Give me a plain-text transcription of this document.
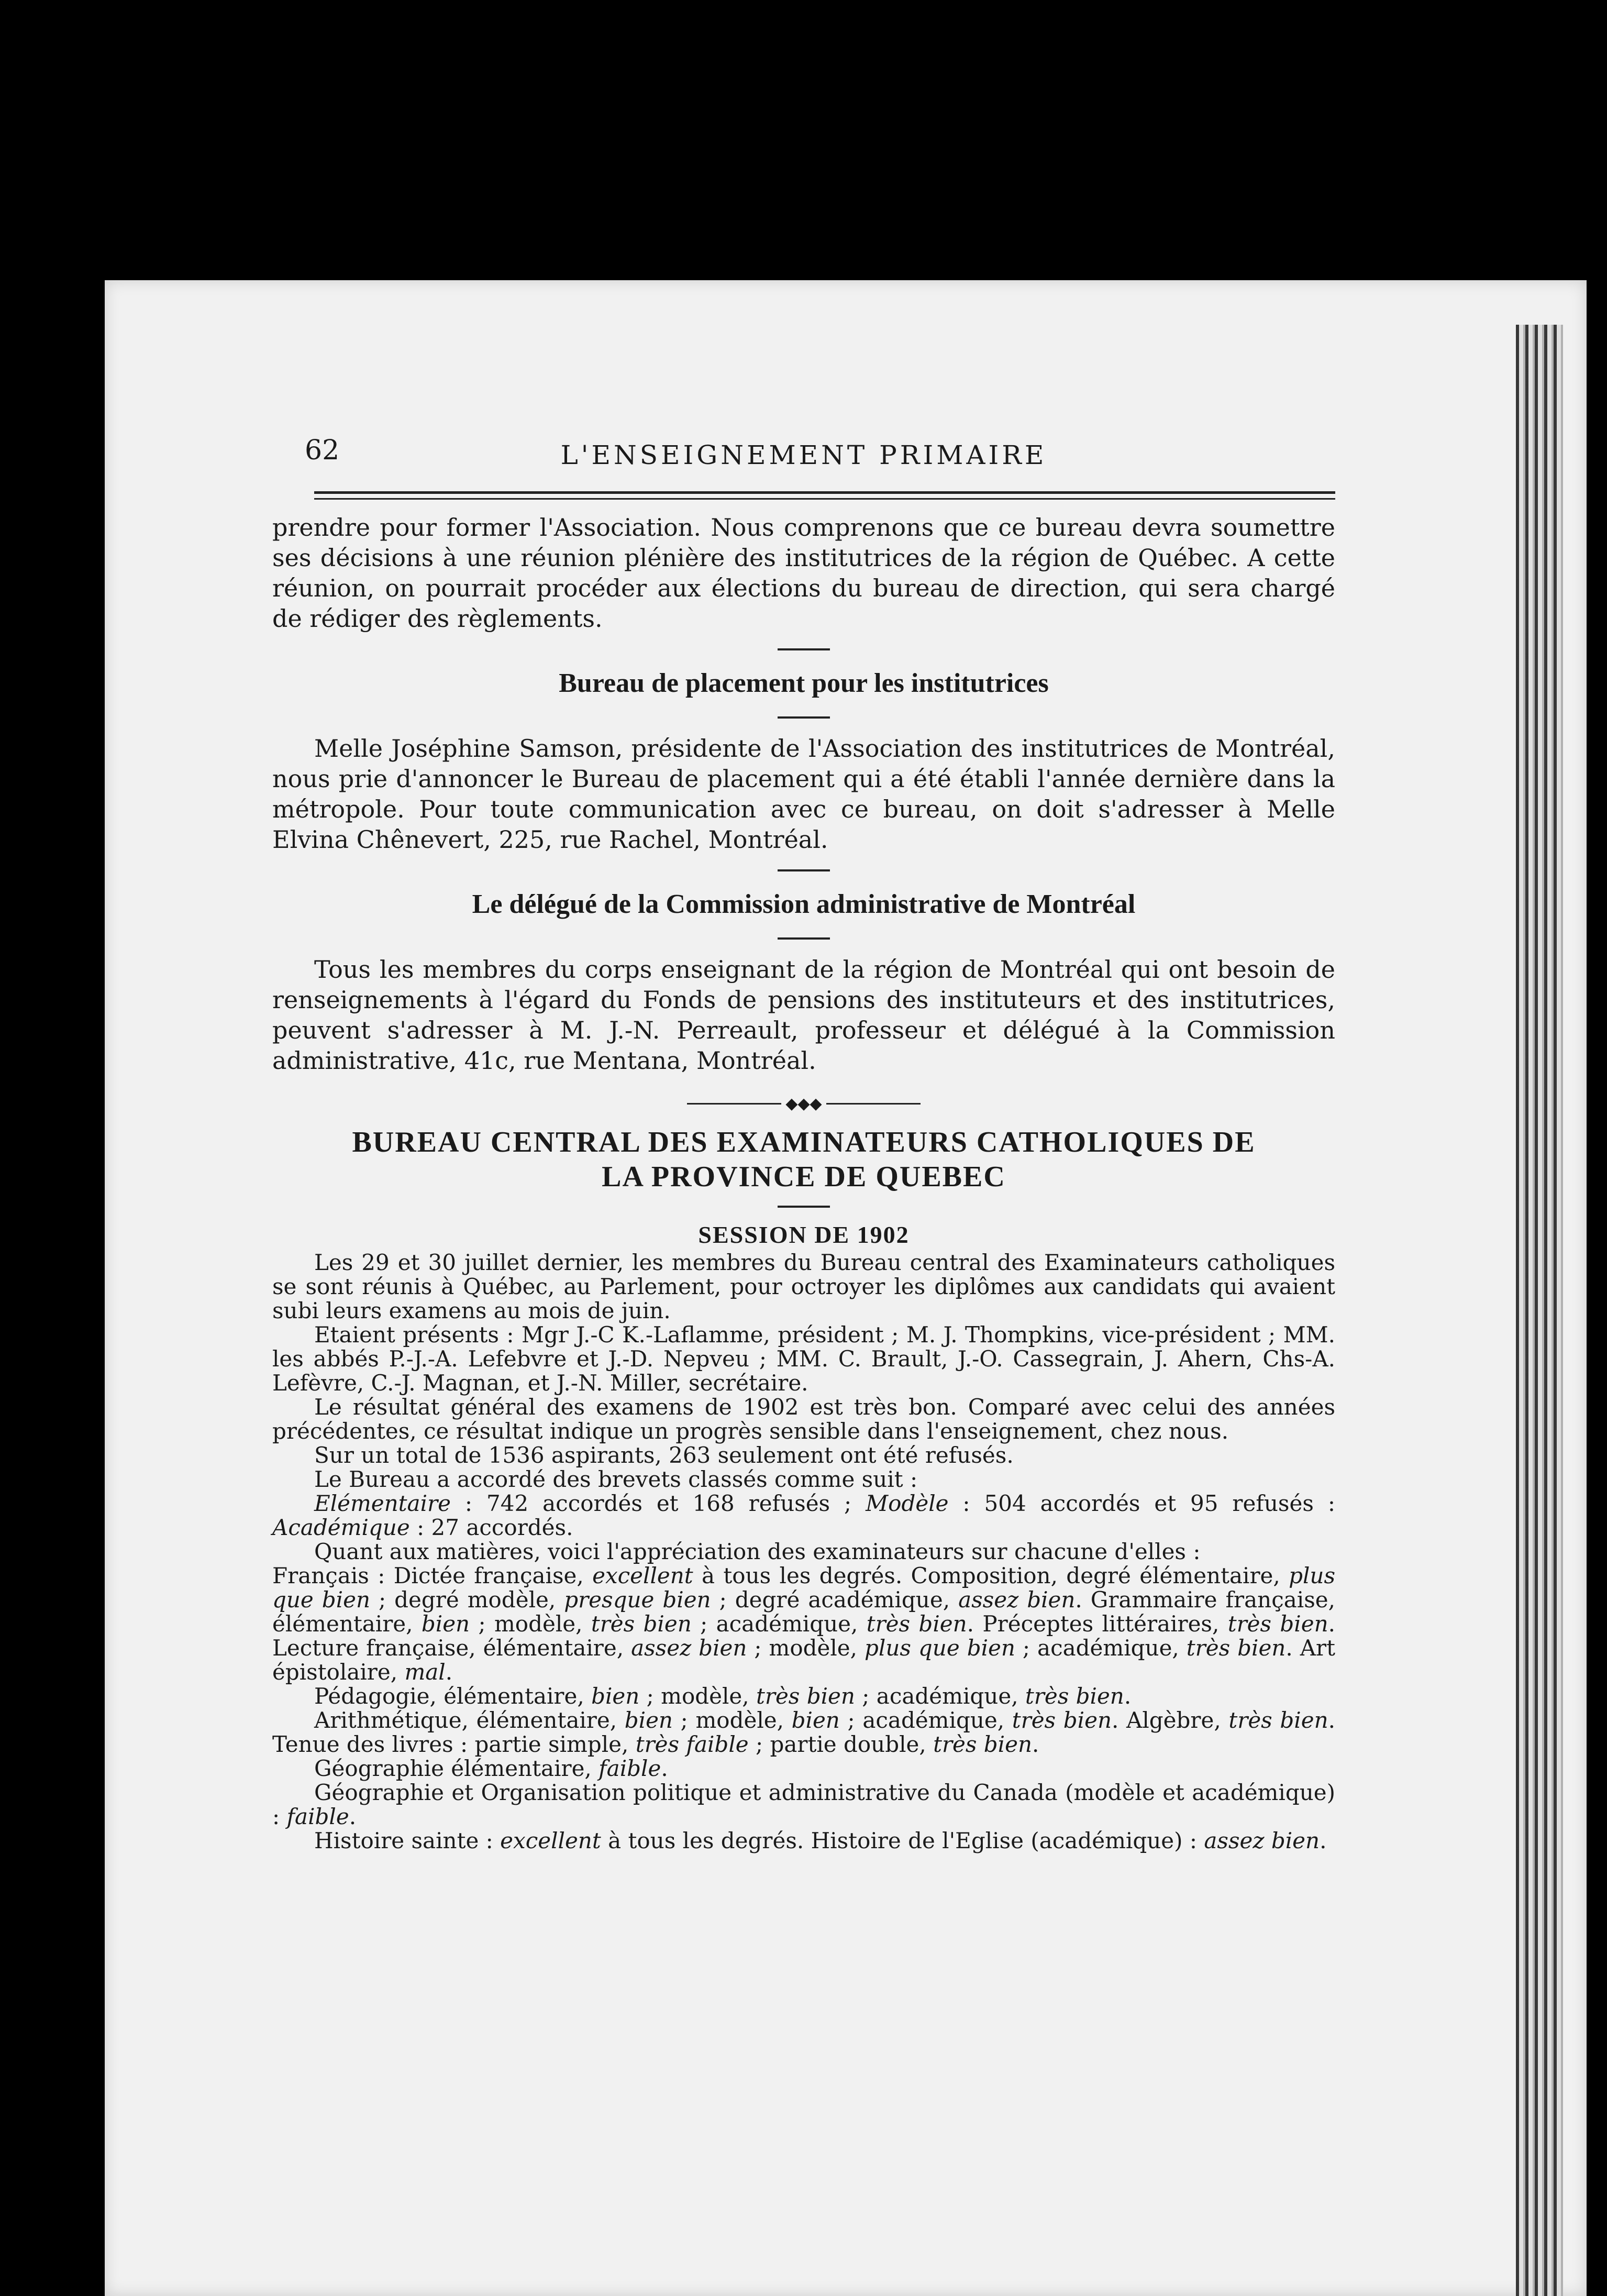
62	L'ENSEIGNEMENT PRIMAIRE

prendre pour former l'Association. Nous comprenons que ce bureau devra soumettre ses décisions à une réunion plénière des institutrices de la région de Québec. A cette réunion, on pourrait procéder aux élections du bureau de direction, qui sera chargé de rédiger des règlements.

Bureau de placement pour les institutrices

Melle Joséphine Samson, présidente de l'Association des institutrices de Montréal, nous prie d'annoncer le Bureau de placement qui a été établi l'année dernière dans la métropole. Pour toute communication avec ce bureau, on doit s'adresser à Melle Elvina Chênevert, 225, rue Rachel, Montréal.

Le délégué de la Commission administrative de Montréal

Tous les membres du corps enseignant de la région de Montréal qui ont besoin de renseignements à l'égard du Fonds de pensions des instituteurs et des institutrices, peuvent s'adresser à M. J.-N. Perreault, professeur et délégué à la Commission administrative, 41c, rue Mentana, Montréal.

◆◆◆
BUREAU CENTRAL DES EXAMINATEURS CATHOLIQUES DE
LA PROVINCE DE QUEBEC
SESSION DE 1902

Les 29 et 30 juillet dernier, les membres du Bureau central des Examinateurs catholiques se sont réunis à Québec, au Parlement, pour octroyer les diplômes aux candidats qui avaient subi leurs examens au mois de juin.

Etaient présents : Mgr J.-C K.-Laflamme, président ; M. J. Thompkins, vice-président ; MM. les abbés P.-J.-A. Lefebvre et J.-D. Nepveu ; MM. C. Brault, J.-O. Cassegrain, J. Ahern, Chs-A. Lefèvre, C.-J. Magnan, et J.-N. Miller, secrétaire.

Le résultat général des examens de 1902 est très bon. Comparé avec celui des années précédentes, ce résultat indique un progrès sensible dans l'enseignement, chez nous.

Sur un total de 1536 aspirants, 263 seulement ont été refusés.

Le Bureau a accordé des brevets classés comme suit :

Elémentaire : 742 accordés et 168 refusés ; Modèle : 504 accordés et 95 refusés : Académique : 27 accordés.

Quant aux matières, voici l'appréciation des examinateurs sur chacune d'elles :

Français : Dictée française, excellent à tous les degrés. Composition, degré élémentaire, plus que bien ; degré modèle, presque bien ; degré académique, assez bien. Grammaire française, élémentaire, bien ; modèle, très bien ; académique, très bien. Préceptes littéraires, très bien. Lecture française, élémentaire, assez bien ; modèle, plus que bien ; académique, très bien. Art épistolaire, mal.

Pédagogie, élémentaire, bien ; modèle, très bien ; académique, très bien.

Arithmétique, élémentaire, bien ; modèle, bien ; académique, très bien. Algèbre, très bien. Tenue des livres : partie simple, très faible ; partie double, très bien.

Géographie élémentaire, faible.

Géographie et Organisation politique et administrative du Canada (modèle et académique) : faible.

Histoire sainte : excellent à tous les degrés. Histoire de l'Eglise (académique) : assez bien.
